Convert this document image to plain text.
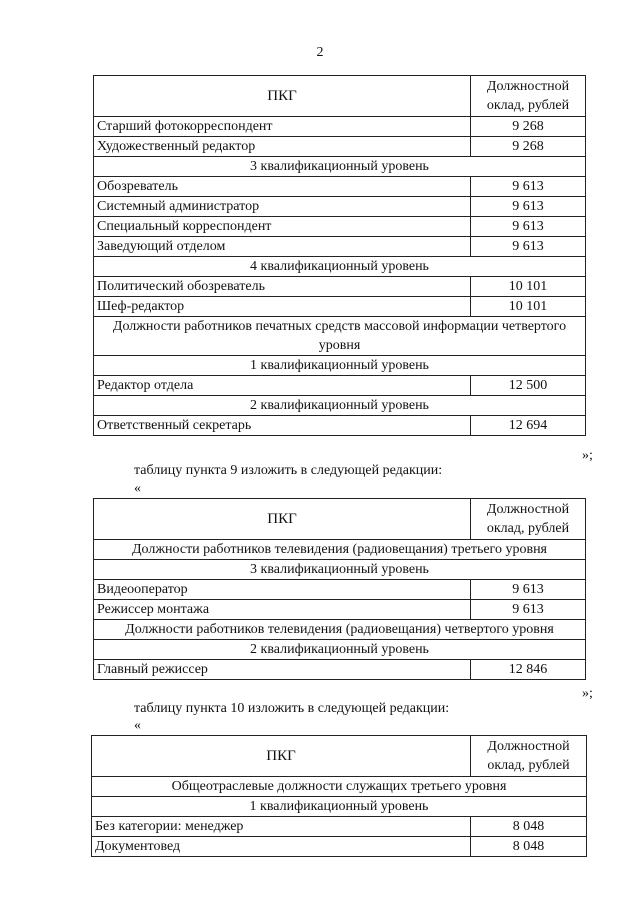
2
ПКГ	Должностной оклад, рублей
Старший фотокорреспондент	9 268
Художественный редактор	9 268
3 квалификационный уровень	
Обозреватель	9 613
Системный администратор	9 613
Специальный корреспондент	9 613
Заведующий отделом	9 613
4 квалификационный уровень	
Политический обозреватель	10 101
Шеф-редактор	10 101
Должности работников печатных средств массовой информации четвертого уровня	
1 квалификационный уровень	
Редактор отдела	12 500
2 квалификационный уровень	
Ответственный секретарь	12 694
»;
таблицу пункта 9 изложить в следующей редакции:
«
ПКГ	Должностной оклад, рублей
Должности работников телевидения (радиовещания) третьего уровня	
3 квалификационный уровень	
Видеооператор	9 613
Режиссер монтажа	9 613
Должности работников телевидения (радиовещания) четвертого уровня	
2 квалификационный уровень	
Главный режиссер	12 846
»;
таблицу пункта 10 изложить в следующей редакции:
«
ПКГ	Должностной оклад, рублей
Общеотраслевые должности служащих третьего уровня	
1 квалификационный уровень	
Без категории: менеджер	8 048
Документовед	8 048
